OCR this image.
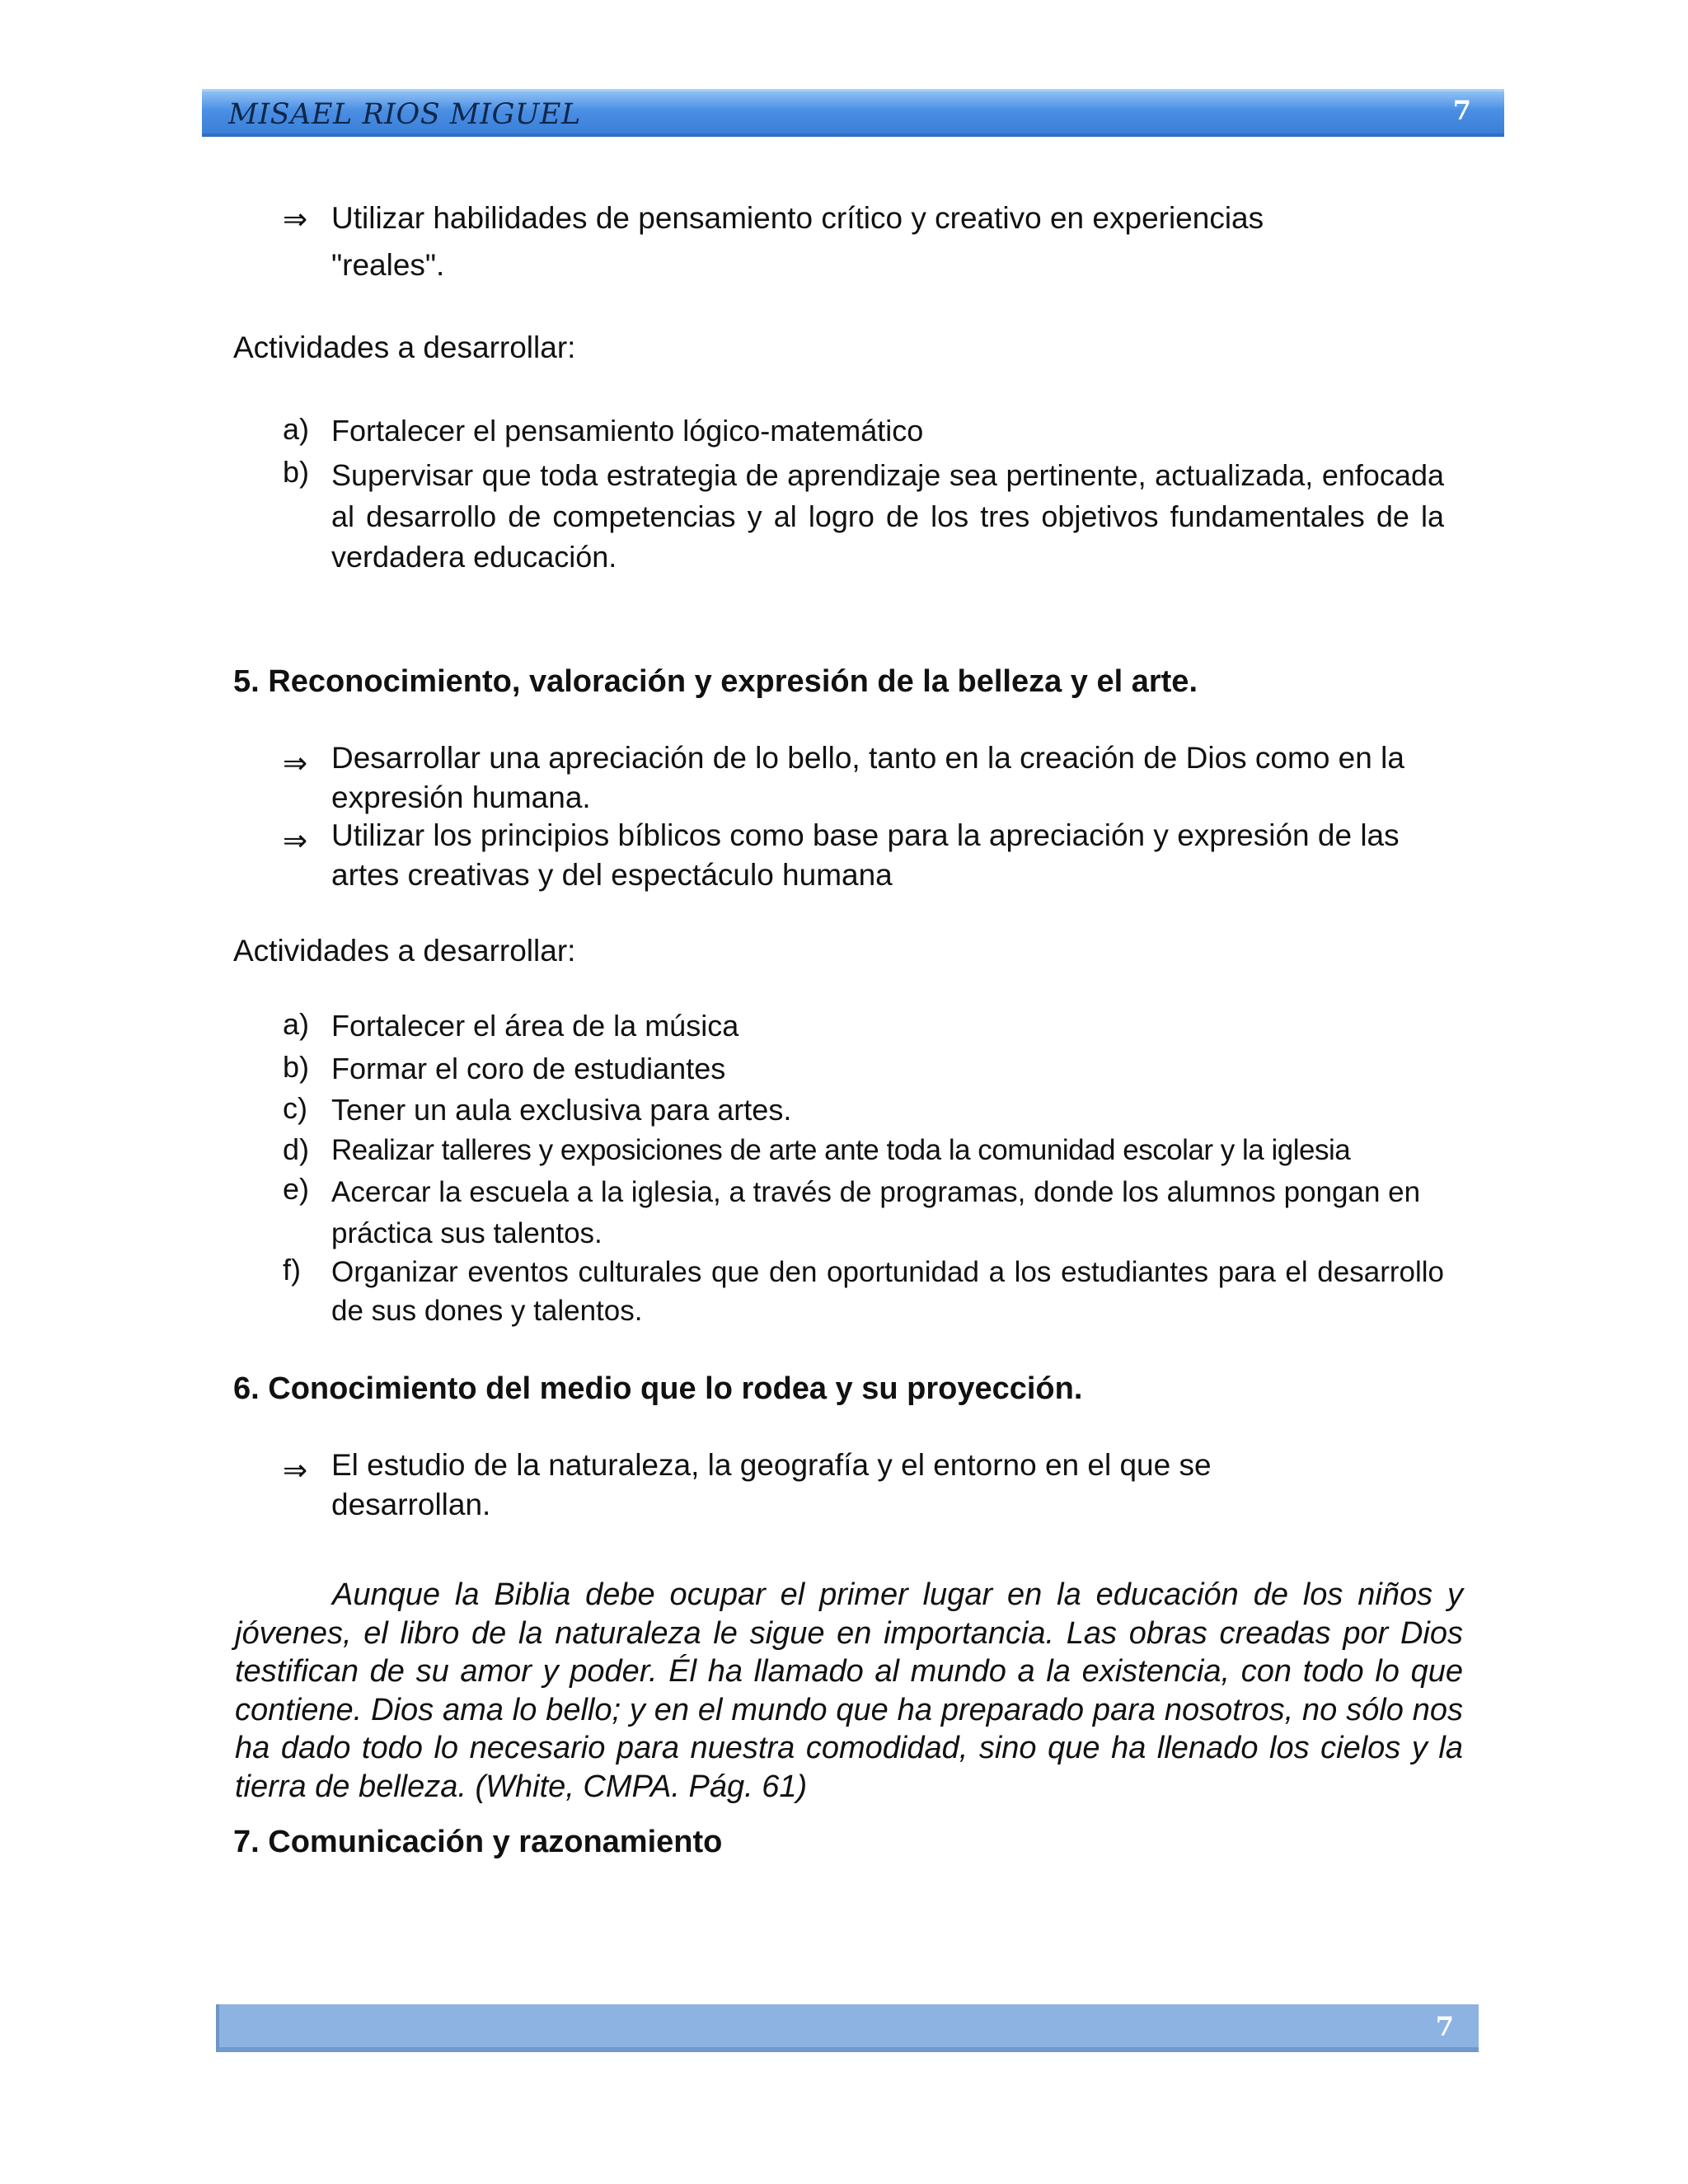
MISAEL RIOS MIGUEL	7
⇒ Utilizar habilidades de pensamiento crítico y creativo en experiencias "reales".

Actividades a desarrollar:

a) Fortalecer el pensamiento lógico-matemático

b) Supervisar que toda estrategia de aprendizaje sea pertinente, actualizada, enfocada al desarrollo de competencias y al logro de los tres objetivos fundamentales de la verdadera educación.

5. Reconocimiento, valoración y expresión de la belleza y el arte.
⇒ Desarrollar una apreciación de lo bello, tanto en la creación de Dios como en la expresión humana.

⇒ Utilizar los principios bíblicos como base para la apreciación y expresión de las artes creativas y del espectáculo humana

Actividades a desarrollar:

a) Fortalecer el área de la música

b) Formar el coro de estudiantes

c) Tener un aula exclusiva para artes.

d) Realizar talleres y exposiciones de arte ante toda la comunidad escolar y la iglesia

e) Acercar la escuela a la iglesia, a través de programas, donde los alumnos pongan en práctica sus talentos.

f) Organizar eventos culturales que den oportunidad a los estudiantes para el desarrollo de sus dones y talentos.

6. Conocimiento del medio que lo rodea y su proyección.
⇒ El estudio de la naturaleza, la geografía y el entorno en el que se desarrollan.

Aunque la Biblia debe ocupar el primer lugar en la educación de los niños y jóvenes, el libro de la naturaleza le sigue en importancia. Las obras creadas por Dios testifican de su amor y poder. Él ha llamado al mundo a la existencia, con todo lo que contiene. Dios ama lo bello; y en el mundo que ha preparado para nosotros, no sólo nos ha dado todo lo necesario para nuestra comodidad, sino que ha llenado los cielos y la tierra de belleza. (White, CMPA. Pág. 61)

7. Comunicación y razonamiento
7
